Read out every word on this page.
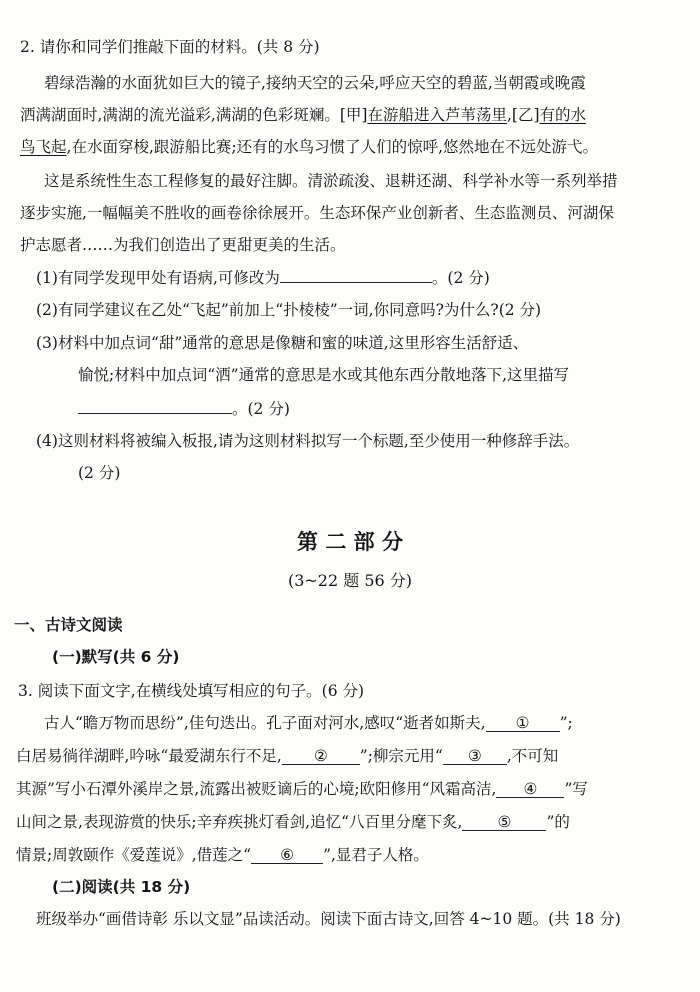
2. 请你和同学们推敲下面的材料。(共 8 分)
碧绿浩瀚的水面犹如巨大的镜子,接纳天空的云朵,呼应天空的碧蓝,当朝霞或晚霞
洒满湖面时,满湖的流光溢彩,满湖的色彩斑斓。[甲]在游船进入芦苇荡里,[乙]有的水
鸟飞起,在水面穿梭,跟游船比赛;还有的水鸟习惯了人们的惊呼,悠然地在不远处游弋。
这是系统性生态工程修复的最好注脚。清淤疏浚、退耕还湖、科学补水等一系列举措
逐步实施,一幅幅美不胜收的画卷徐徐展开。生态环保产业创新者、生态监测员、河湖保
护志愿者……为我们创造出了更甜更美的生活。
(1)有同学发现甲处有语病,可修改为	。(2 分)
(2)有同学建议在乙处“飞起”前加上“扑棱棱”一词,你同意吗?为什么?(2 分)
(3)材料中加点词“甜”通常的意思是像糖和蜜的味道,这里形容生活舒适、
愉悦;材料中加点词“洒”通常的意思是水或其他东西分散地落下,这里描写
。(2 分)
(4)这则材料将被编入板报,请为这则材料拟写一个标题,至少使用一种修辞手法。
(2 分)
第 二 部 分
(3~22 题 56 分)
一、古诗文阅读
(一)默写(共 6 分)
3. 阅读下面文字,在横线处填写相应的句子。(6 分)
古人“瞻万物而思纷”,佳句迭出。孔子面对河水,感叹“逝者如斯夫, ① ”;
白居易徜徉湖畔,吟咏“最爱湖东行不足, ② ”;柳宗元用“ ③ ,不可知
其源”写小石潭外溪岸之景,流露出被贬谪后的心境;欧阳修用“风霜高洁, ④ ”写
山间之景,表现游赏的快乐;辛弃疾挑灯看剑,追忆“八百里分麾下炙, ⑤ ”的
情景;周敦颐作《爱莲说》,借莲之“ ⑥ ”,显君子人格。
(二)阅读(共 18 分)
班级举办“画借诗彰 乐以文显”品读活动。阅读下面古诗文,回答 4~10 题。(共 18 分)
